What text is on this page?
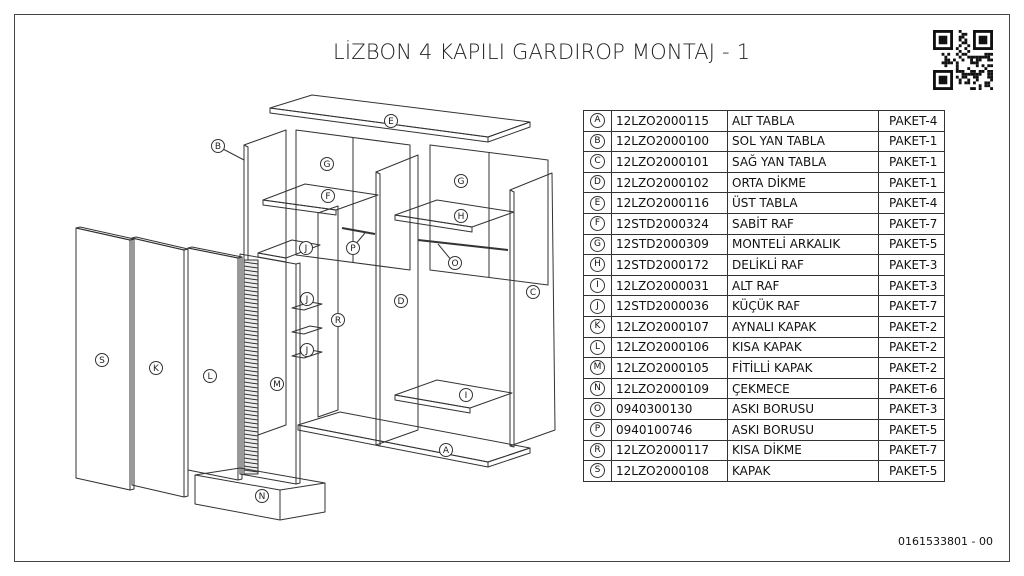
E
B
G
G
F
H
P
O
J
J
J
C
D
R
S
K
L
M
I
A
N
LİZBON 4 KAPILI GARDIROP MONTAJ - 1
A	12LZO2000115	ALT TABLA	PAKET-4
B	12LZO2000100	SOL YAN TABLA	PAKET-1
C	12LZO2000101	SAĞ YAN TABLA	PAKET-1
D	12LZO2000102	ORTA DİKME	PAKET-1
E	12LZO2000116	ÜST TABLA	PAKET-4
F	12STD2000324	SABİT RAF	PAKET-7
G	12STD2000309	MONTELİ ARKALIK	PAKET-5
H	12STD2000172	DELİKLİ RAF	PAKET-3
I	12LZO2000031	ALT RAF	PAKET-3
J	12STD2000036	KÜÇÜK RAF	PAKET-7
K	12LZO2000107	AYNALI KAPAK	PAKET-2
L	12LZO2000106	KISA KAPAK	PAKET-2
M	12LZO2000105	FİTİLLİ KAPAK	PAKET-2
N	12LZO2000109	ÇEKMECE	PAKET-6
O	0940300130	ASKI BORUSU	PAKET-3
P	0940100746	ASKI BORUSU	PAKET-5
R	12LZO2000117	KISA DİKME	PAKET-7
S	12LZO2000108	KAPAK	PAKET-5
0161533801 - 00
